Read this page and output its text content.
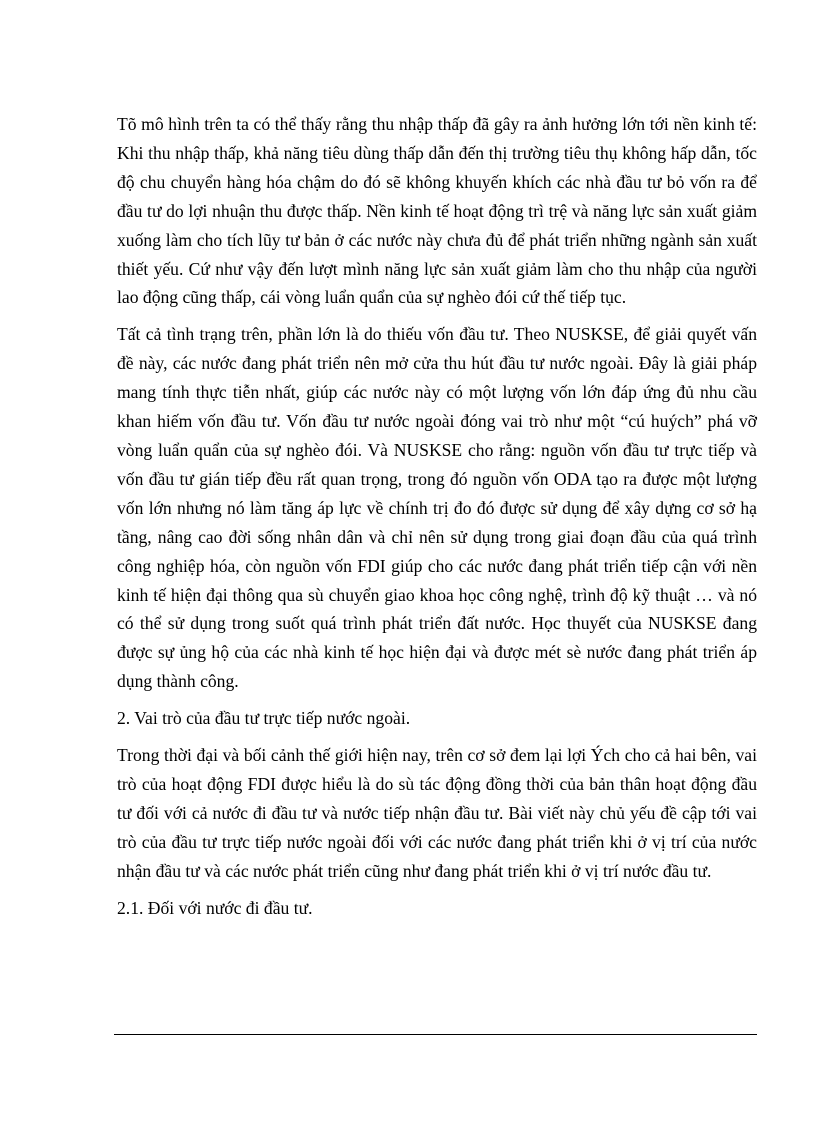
Tõ mô hình trên ta có thể thấy rằng thu nhập thấp đã gây ra ảnh hưởng lớn tới nền kinh tế: Khi thu nhập thấp, khả năng tiêu dùng thấp dẫn đến thị trường tiêu thụ không hấp dẫn, tốc độ chu chuyển hàng hóa chậm do đó sẽ không khuyến khích các nhà đầu tư bỏ vốn ra để đầu tư do lợi nhuận thu được thấp. Nền kinh tế hoạt động trì trệ và năng lực sản xuất giảm xuống làm cho tích lũy tư bản ở các nước này chưa đủ để phát triển những ngành sản xuất thiết yếu. Cứ như vậy đến lượt mình năng lực sản xuất giảm làm cho thu nhập của người lao động cũng thấp, cái vòng luẩn quẩn của sự nghèo đói cứ thế tiếp tục.

Tất cả tình trạng trên, phần lớn là do thiếu vốn đầu tư. Theo NUSKSE, để giải quyết vấn đề này, các nước đang phát triển nên mở cửa thu hút đầu tư nước ngoài. Đây là giải pháp mang tính thực tiễn nhất, giúp các nước này có một lượng vốn lớn đáp ứng đủ nhu cầu khan hiếm vốn đầu tư. Vốn đầu tư nước ngoài đóng vai trò như một “cú huých” phá vỡ vòng luẩn quẩn của sự nghèo đói. Và NUSKSE cho rằng: nguồn vốn đầu tư trực tiếp và vốn đầu tư gián tiếp đều rất quan trọng, trong đó nguồn vốn ODA tạo ra được một lượng vốn lớn nhưng nó làm tăng áp lực về chính trị đo đó được sử dụng để xây dựng cơ sở hạ tầng, nâng cao đời sống nhân dân và chỉ nên sử dụng trong giai đoạn đầu của quá trình công nghiệp hóa, còn nguồn vốn FDI giúp cho các nước đang phát triển tiếp cận với nền kinh tế hiện đại thông qua sù chuyển giao khoa học công nghệ, trình độ kỹ thuật … và nó có thể sử dụng trong suốt quá trình phát triển đất nước. Học thuyết của NUSKSE đang được sự ủng hộ của các nhà kinh tế học hiện đại và được mét sè nước đang phát triển áp dụng thành công.

2. Vai trò của đầu tư trực tiếp nước ngoài.

Trong thời đại và bối cảnh thế giới hiện nay, trên cơ sở đem lại lợi Ých cho cả hai bên, vai trò của hoạt động FDI được hiểu là do sù tác động đồng thời của bản thân hoạt động đầu tư đối với cả nước đi đầu tư và nước tiếp nhận đầu tư. Bài viết này chủ yếu đề cập tới vai trò của đầu tư trực tiếp nước ngoài đối với các nước đang phát triển khi ở vị trí của nước nhận đầu tư và các nước phát triển cũng như đang phát triển khi ở vị trí nước đầu tư.

2.1. Đối với nước đi đầu tư.
